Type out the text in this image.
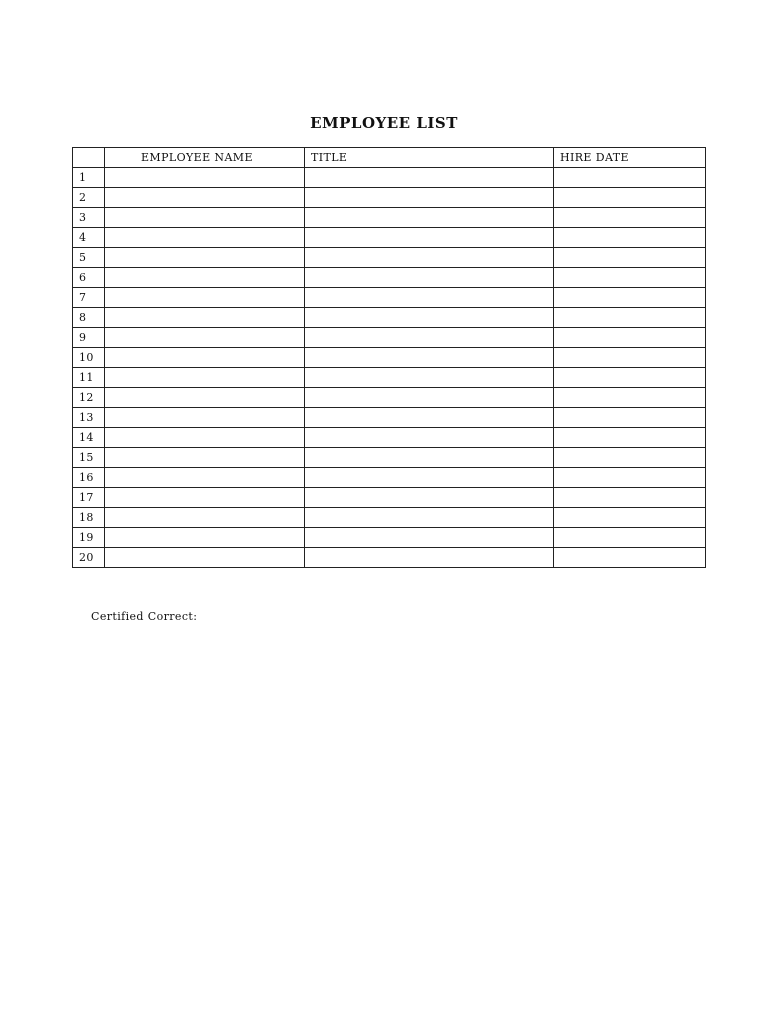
EMPLOYEE LIST
	EMPLOYEE NAME	TITLE	HIRE DATE
1			
2			
3			
4			
5			
6			
7			
8			
9			
10			
11			
12			
13			
14			
15			
16			
17			
18			
19			
20			
Certified Correct:
